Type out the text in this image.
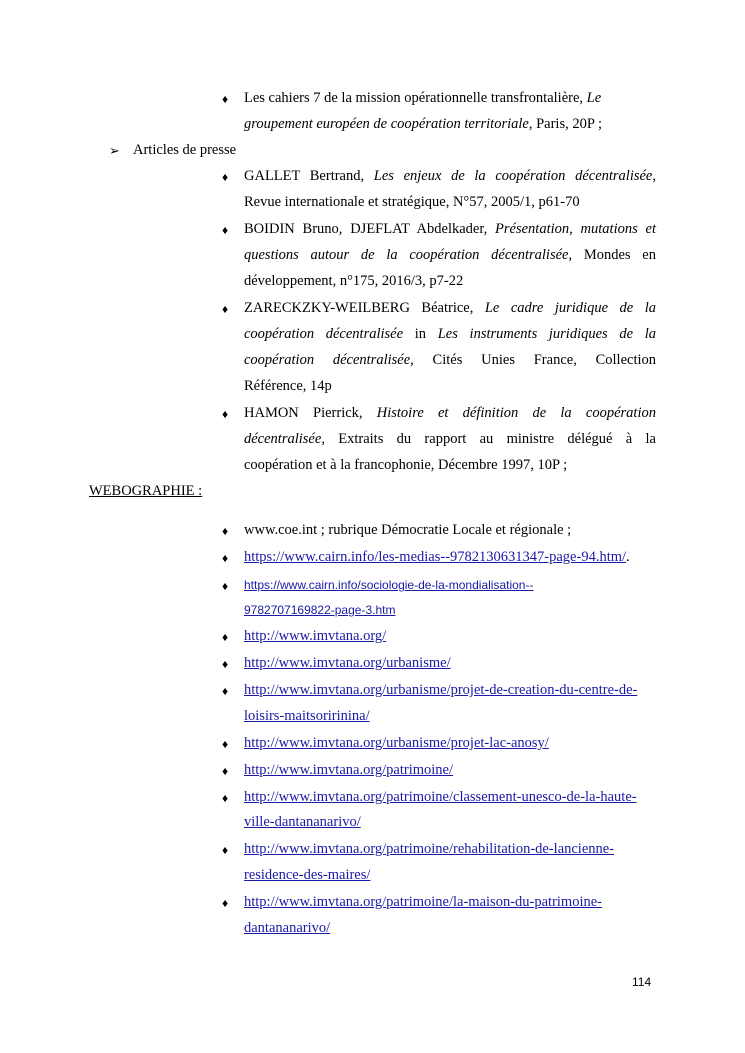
♦	Les cahiers 7 de la mission opérationnelle transfrontalière, Le
groupement européen de coopération territoriale, Paris, 20P ;
➢ Articles de presse
♦	GALLET Bertrand, Les enjeux de la coopération décentralisée,
Revue internationale et stratégique, N°57, 2005/1, p61-70
♦	BOIDIN Bruno, DJEFLAT Abdelkader, Présentation, mutations et
questions autour de la coopération décentralisée, Mondes en
développement, n°175, 2016/3, p7-22
♦	ZARECKZKY-WEILBERG Béatrice, Le cadre juridique de la
coopération décentralisée in Les instruments juridiques de la
coopération décentralisée, Cités Unies France, Collection
Référence, 14p
♦	HAMON Pierrick, Histoire et définition de la coopération
décentralisée, Extraits du rapport au ministre délégué à la
coopération et à la francophonie, Décembre 1997, 10P ;
WEBOGRAPHIE :
♦	www.coe.int ; rubrique Démocratie Locale et régionale ;
♦	https://www.cairn.info/les-medias--9782130631347-page-94.htm/.
♦	https://www.cairn.info/sociologie-de-la-mondialisation--
9782707169822-page-3.htm
♦	http://www.imvtana.org/
♦	http://www.imvtana.org/urbanisme/
♦	http://www.imvtana.org/urbanisme/projet-de-creation-du-centre-de-
loisirs-maitsoririnina/
♦	http://www.imvtana.org/urbanisme/projet-lac-anosy/
♦	http://www.imvtana.org/patrimoine/
♦	http://www.imvtana.org/patrimoine/classement-unesco-de-la-haute-
ville-dantananarivo/
♦	http://www.imvtana.org/patrimoine/rehabilitation-de-lancienne-
residence-des-maires/
♦	http://www.imvtana.org/patrimoine/la-maison-du-patrimoine-
dantananarivo/
114
